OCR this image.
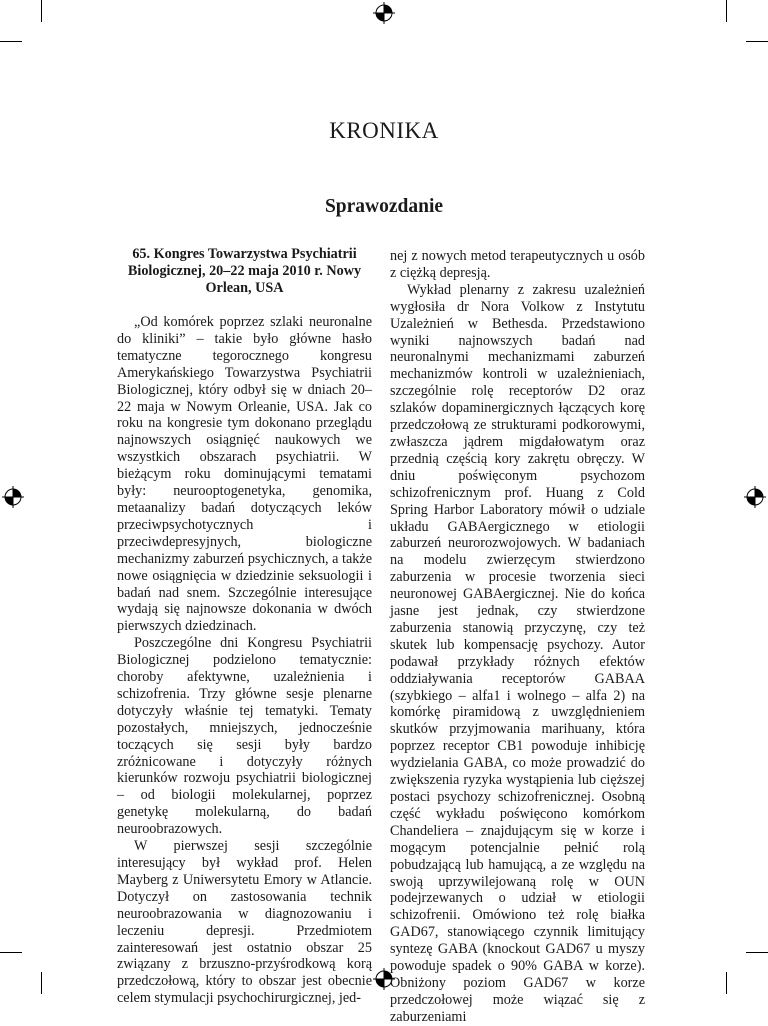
KRONIKA
Sprawozdanie
65. Kongres Towarzystwa Psychiatrii Biologicznej, 20–22 maja 2010 r. Nowy Orlean, USA

„Od komórek poprzez szlaki neuronalne do kliniki” – takie było główne hasło tematyczne tegorocznego kongresu Amerykańskiego Towarzystwa Psychiatrii Biologicznej, który odbył się w dniach 20–22 maja w Nowym Orleanie, USA. Jak co roku na kongresie tym dokonano przeglądu najnowszych osiągnięć naukowych we wszystkich obszarach psychiatrii. W bieżącym roku dominującymi tematami były: neurooptogenetyka, genomika, metaanalizy badań dotyczących leków przeciwpsychotycznych i przeciwdepresyjnych, biologiczne mechanizmy zaburzeń psychicznych, a także nowe osiągnięcia w dziedzinie seksuologii i badań nad snem. Szczególnie interesujące wydają się najnowsze dokonania w dwóch pierwszych dziedzinach.

Poszczególne dni Kongresu Psychiatrii Biologicznej podzielono tematycznie: choroby afektywne, uzależnienia i schizofrenia. Trzy główne sesje plenarne dotyczyły właśnie tej tematyki. Tematy pozostałych, mniejszych, jednocześnie toczących się sesji były bardzo zróżnicowane i dotyczyły różnych kierunków rozwoju psychiatrii biologicznej – od biologii molekularnej, poprzez genetykę molekularną, do badań neuroobrazowych.

W pierwszej sesji szczególnie interesujący był wykład prof. Helen Mayberg z Uniwersytetu Emory w Atlancie. Dotyczył on zastosowania technik neuroobrazowania w diagnozowaniu i leczeniu depresji. Przedmiotem zainteresowań jest ostatnio obszar 25 związany z brzuszno-przyśrodkową korą przedczołową, który to obszar jest obecnie celem stymulacji psychochirurgicznej, jed-

nej z nowych metod terapeutycznych u osób z ciężką depresją.

Wykład plenarny z zakresu uzależnień wygłosiła dr Nora Volkow z Instytutu Uzależnień w Bethesda. Przedstawiono wyniki najnowszych badań nad neuronalnymi mechanizmami zaburzeń mechanizmów kontroli w uzależnieniach, szczególnie rolę receptorów D2 oraz szlaków dopaminergicznych łączących korę przedczołową ze strukturami podkorowymi, zwłaszcza jądrem migdałowatym oraz przednią częścią kory zakrętu obręczy. W dniu poświęconym psychozom schizofrenicznym prof. Huang z Cold Spring Harbor Laboratory mówił o udziale układu GABAergicznego w etiologii zaburzeń neurorozwojowych. W badaniach na modelu zwierzęcym stwierdzono zaburzenia w procesie tworzenia sieci neuronowej GABAergicznej. Nie do końca jasne jest jednak, czy stwierdzone zaburzenia stanowią przyczynę, czy też skutek lub kompensację psychozy. Autor podawał przykłady różnych efektów oddziaływania receptorów GABAA (szybkiego – alfa1 i wolnego – alfa 2) na komórkę piramidową z uwzględnieniem skutków przyjmowania marihuany, która poprzez receptor CB1 powoduje inhibicję wydzielania GABA, co może prowadzić do zwiększenia ryzyka wystąpienia lub cięższej postaci psychozy schizofrenicznej. Osobną część wykładu poświęcono komórkom Chandeliera – znajdującym się w korze i mogącym potencjalnie pełnić rolą pobudzającą lub hamującą, a ze względu na swoją uprzywilejowaną rolę w OUN podejrzewanych o udział w etiologii schizofrenii. Omówiono też rolę białka GAD67, stanowiącego czynnik limitujący syntezę GABA (knockout GAD67 u myszy powoduje spadek o 90% GABA w korze). Obniżony poziom GAD67 w korze przedczołowej może wiązać się z zaburzeniami
